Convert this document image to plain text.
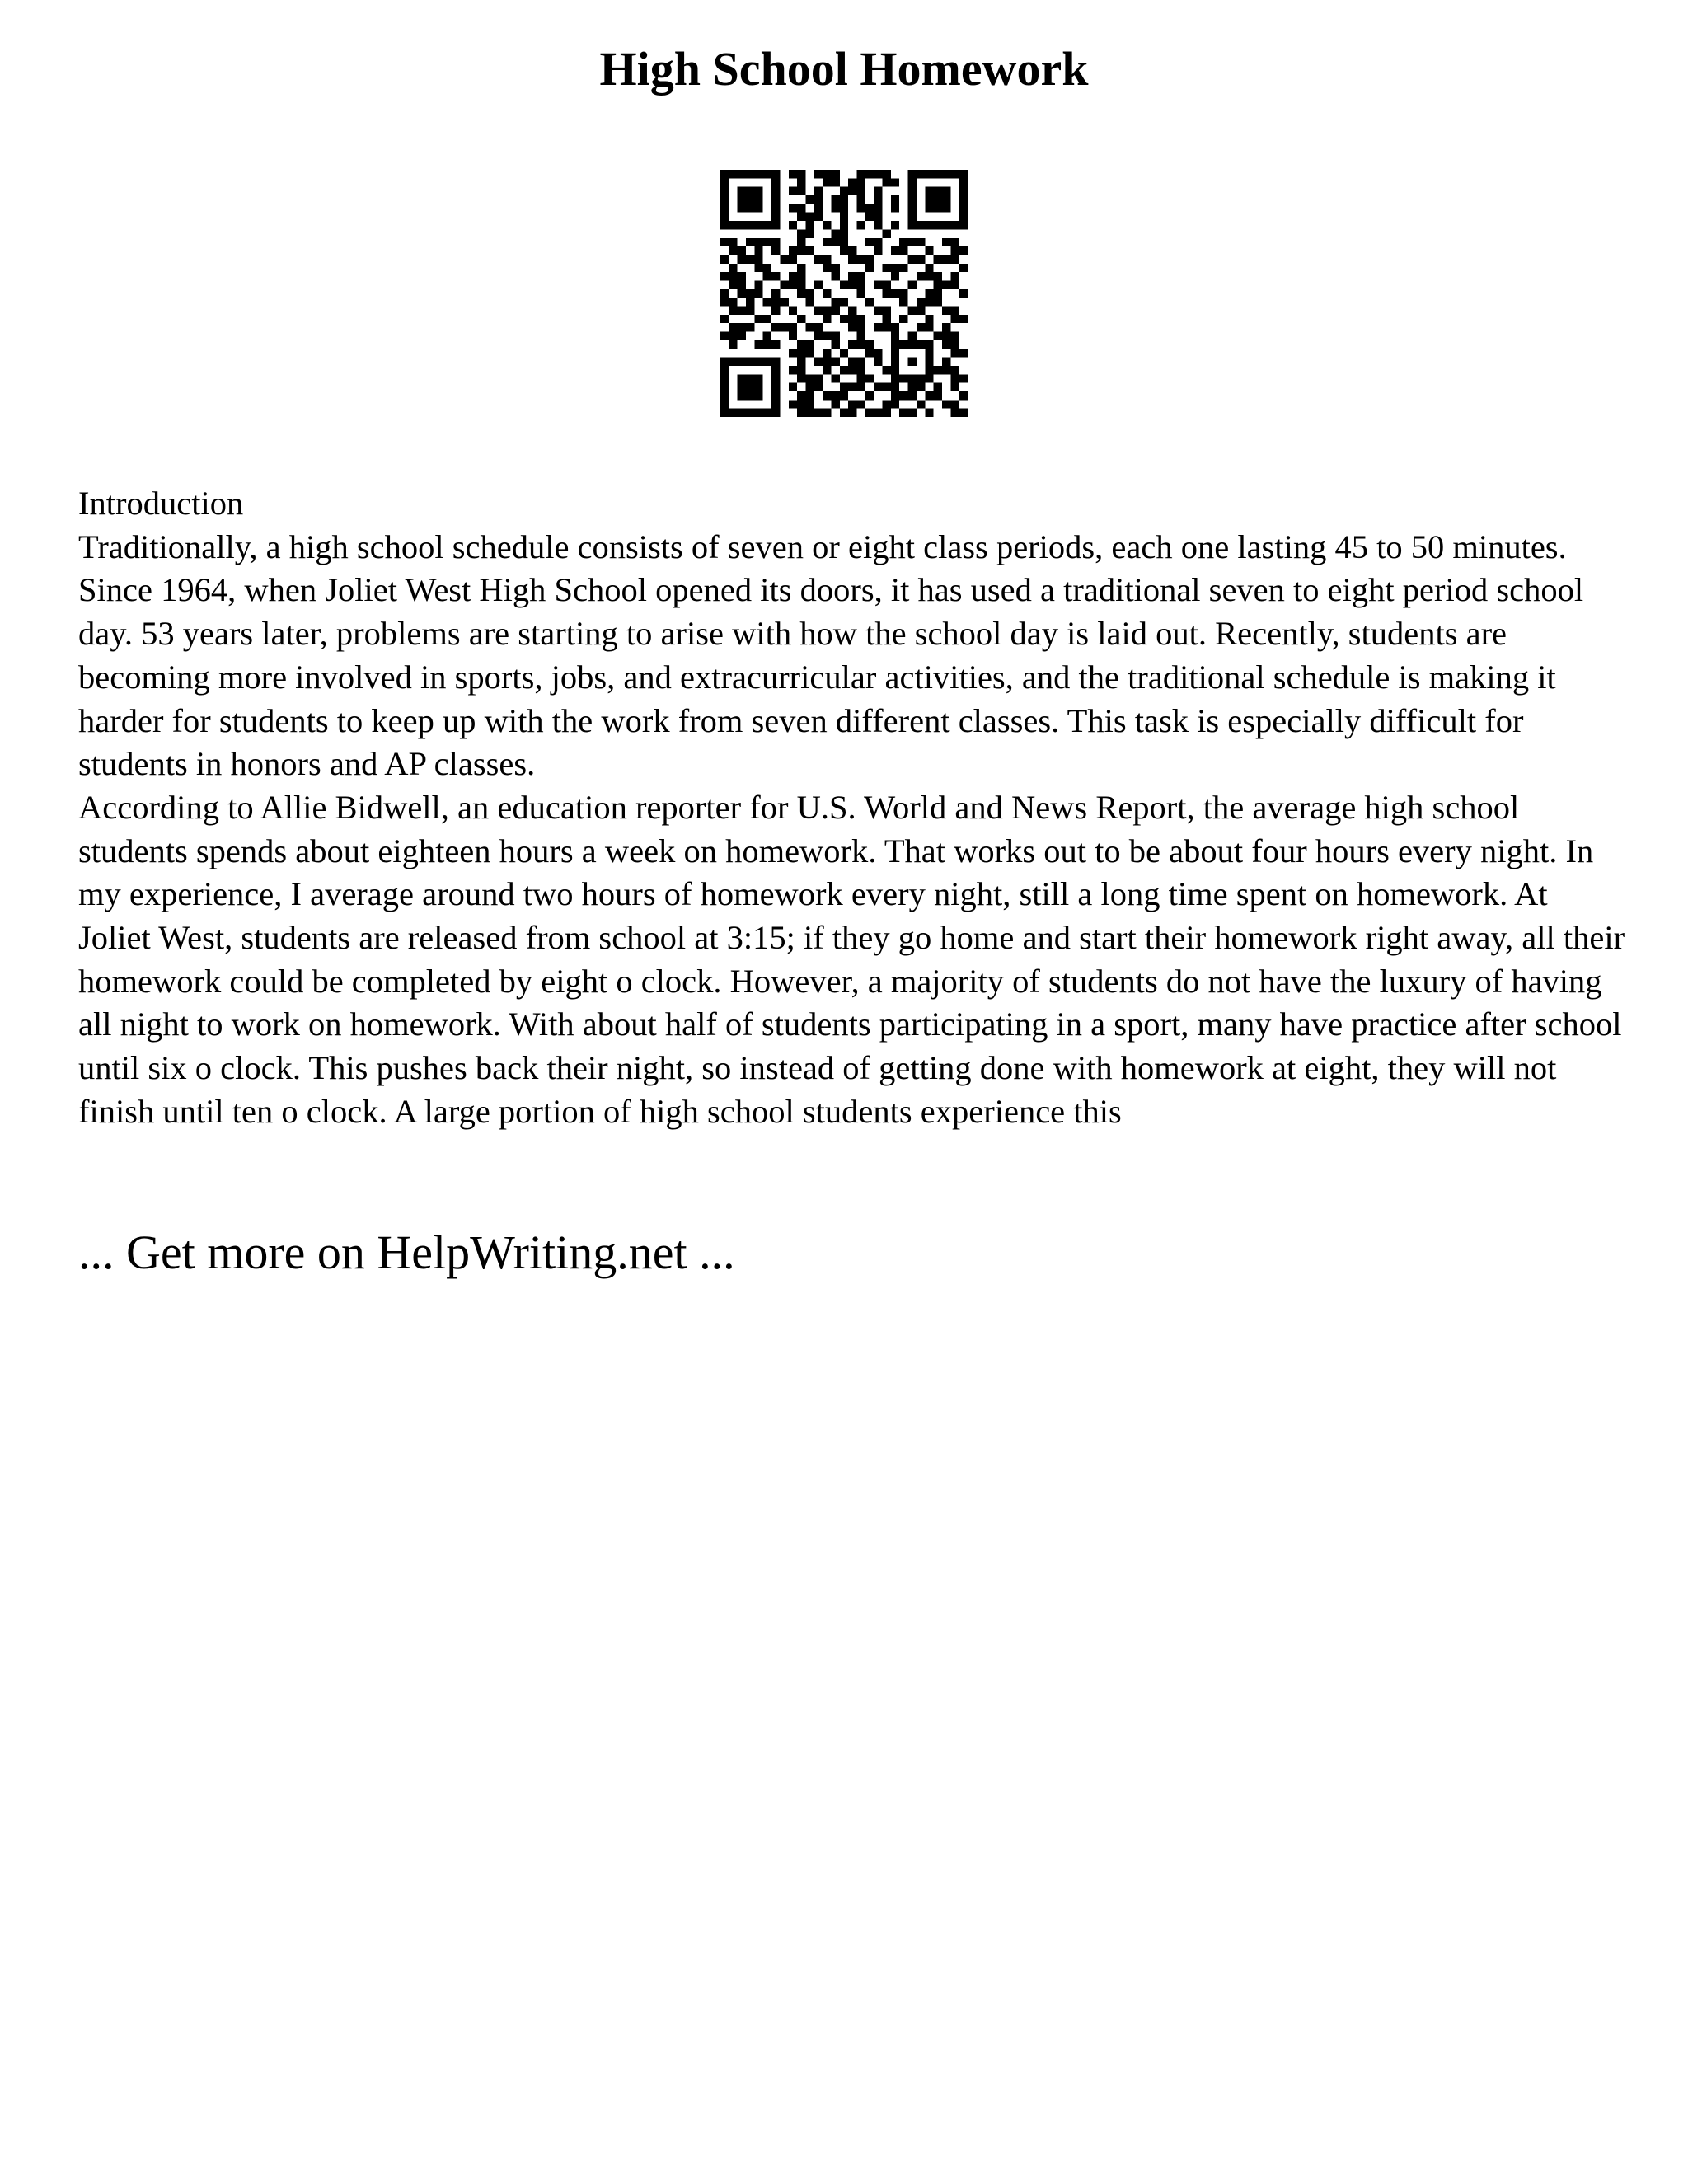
High School Homework

Introduction

Traditionally, a high school schedule consists of seven or eight class periods, each one lasting 45 to 50 minutes. Since 1964, when Joliet West High School opened its doors, it has used a traditional seven to eight period school day. 53 years later, problems are starting to arise with how the school day is laid out. Recently, students are becoming more involved in sports, jobs, and extracurricular activities, and the traditional schedule is making it harder for students to keep up with the work from seven different classes. This task is especially difficult for students in honors and AP classes.

According to Allie Bidwell, an education reporter for U.S. World and News Report, the average high school students spends about eighteen hours a week on homework. That works out to be about four hours every night. In my experience, I average around two hours of homework every night, still a long time spent on homework. At Joliet West, students are released from school at 3:15; if they go home and start their homework right away, all their homework could be completed by eight o clock. However, a majority of students do not have the luxury of having all night to work on homework. With about half of students participating in a sport, many have practice after school until six o clock. This pushes back their night, so instead of getting done with homework at eight, they will not finish until ten o clock. A large portion of high school students experience this

... Get more on HelpWriting.net ...
